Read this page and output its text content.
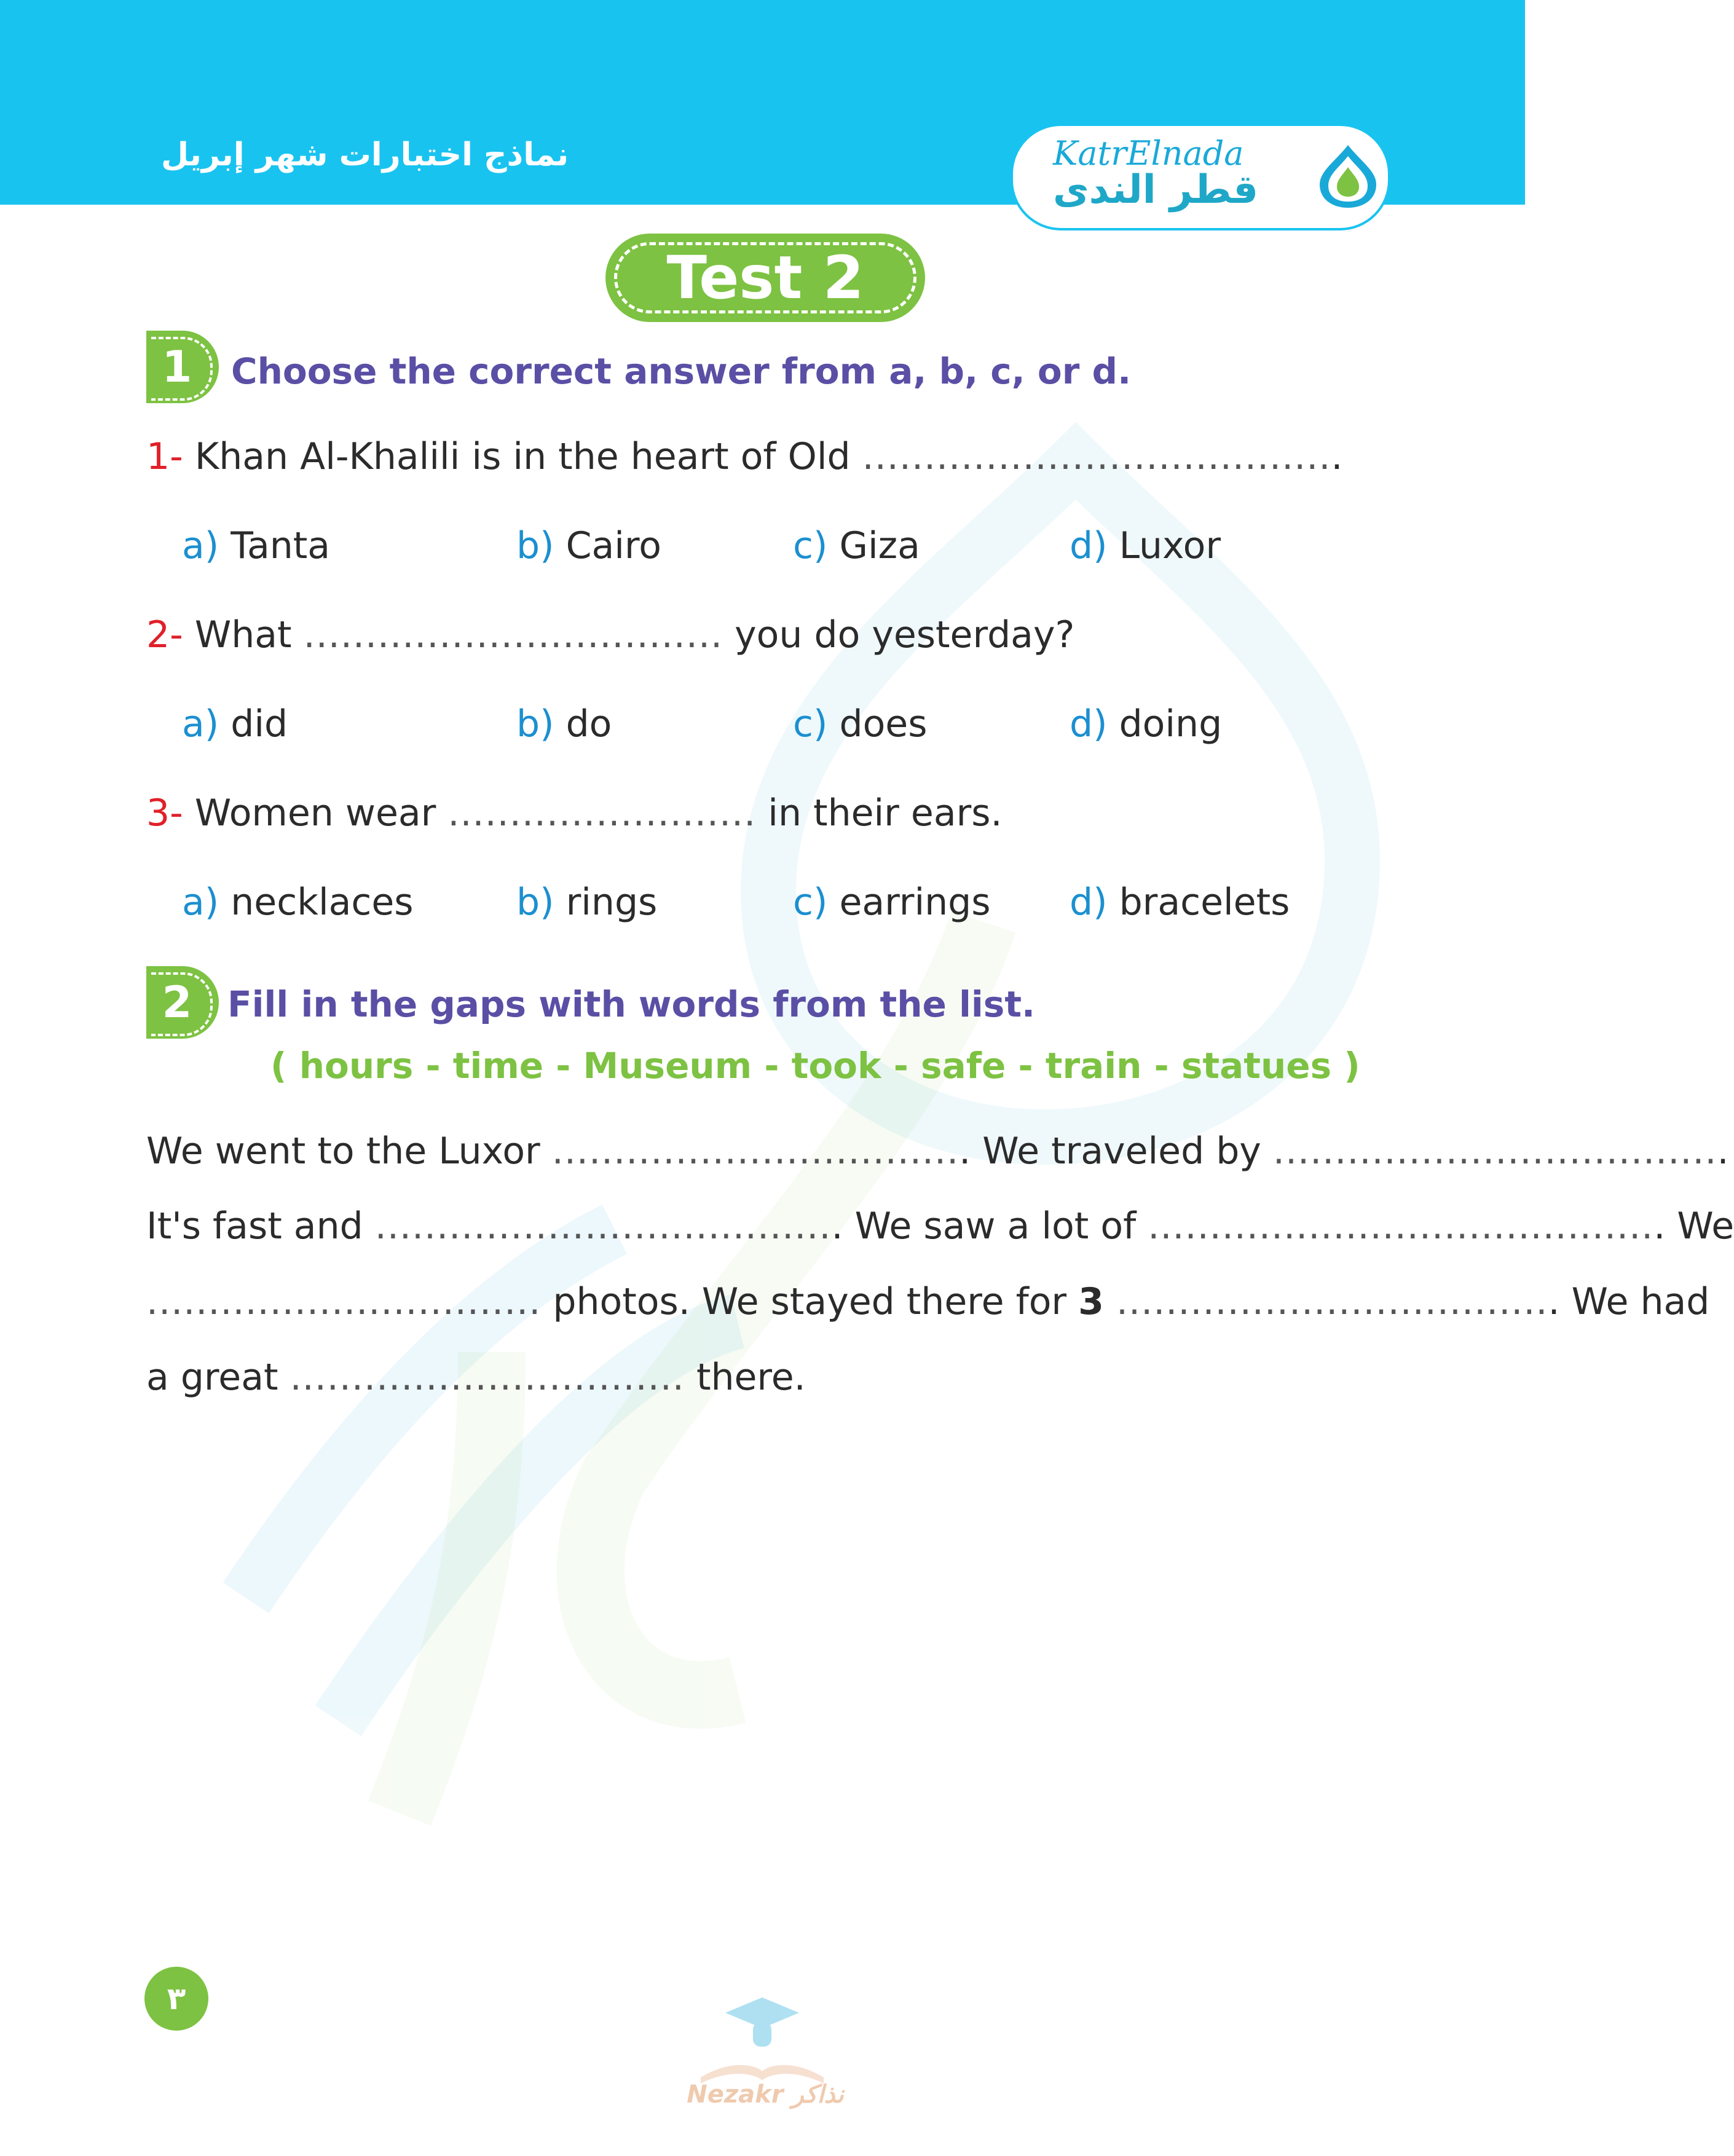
نماذج اختبارات شهر إبريل	KatrElnada
قطر الندى
Test 2
1	Choose the correct answer from a, b, c, or d.
1- Khan Al-Khalili is in the heart of Old .......................................
a) Tanta	b) Cairo	c) Giza	d) Luxor
2- What .................................. you do yesterday?
a) did	b) do	c) does	d) doing
3- Women wear ......................... in their ears.
a) necklaces	b) rings	c) earrings d) bracelets
2 Fill in the gaps with words from the list.
( hours - time - Museum - took - safe - train - statues )
We went to the Luxor .................................. We traveled by .....................................
It's fast and ...................................... We saw a lot of .......................................... We
................................ photos. We stayed there for 3 .................................... We had
a great ................................ there.
٣
Nezakr نذاكر
